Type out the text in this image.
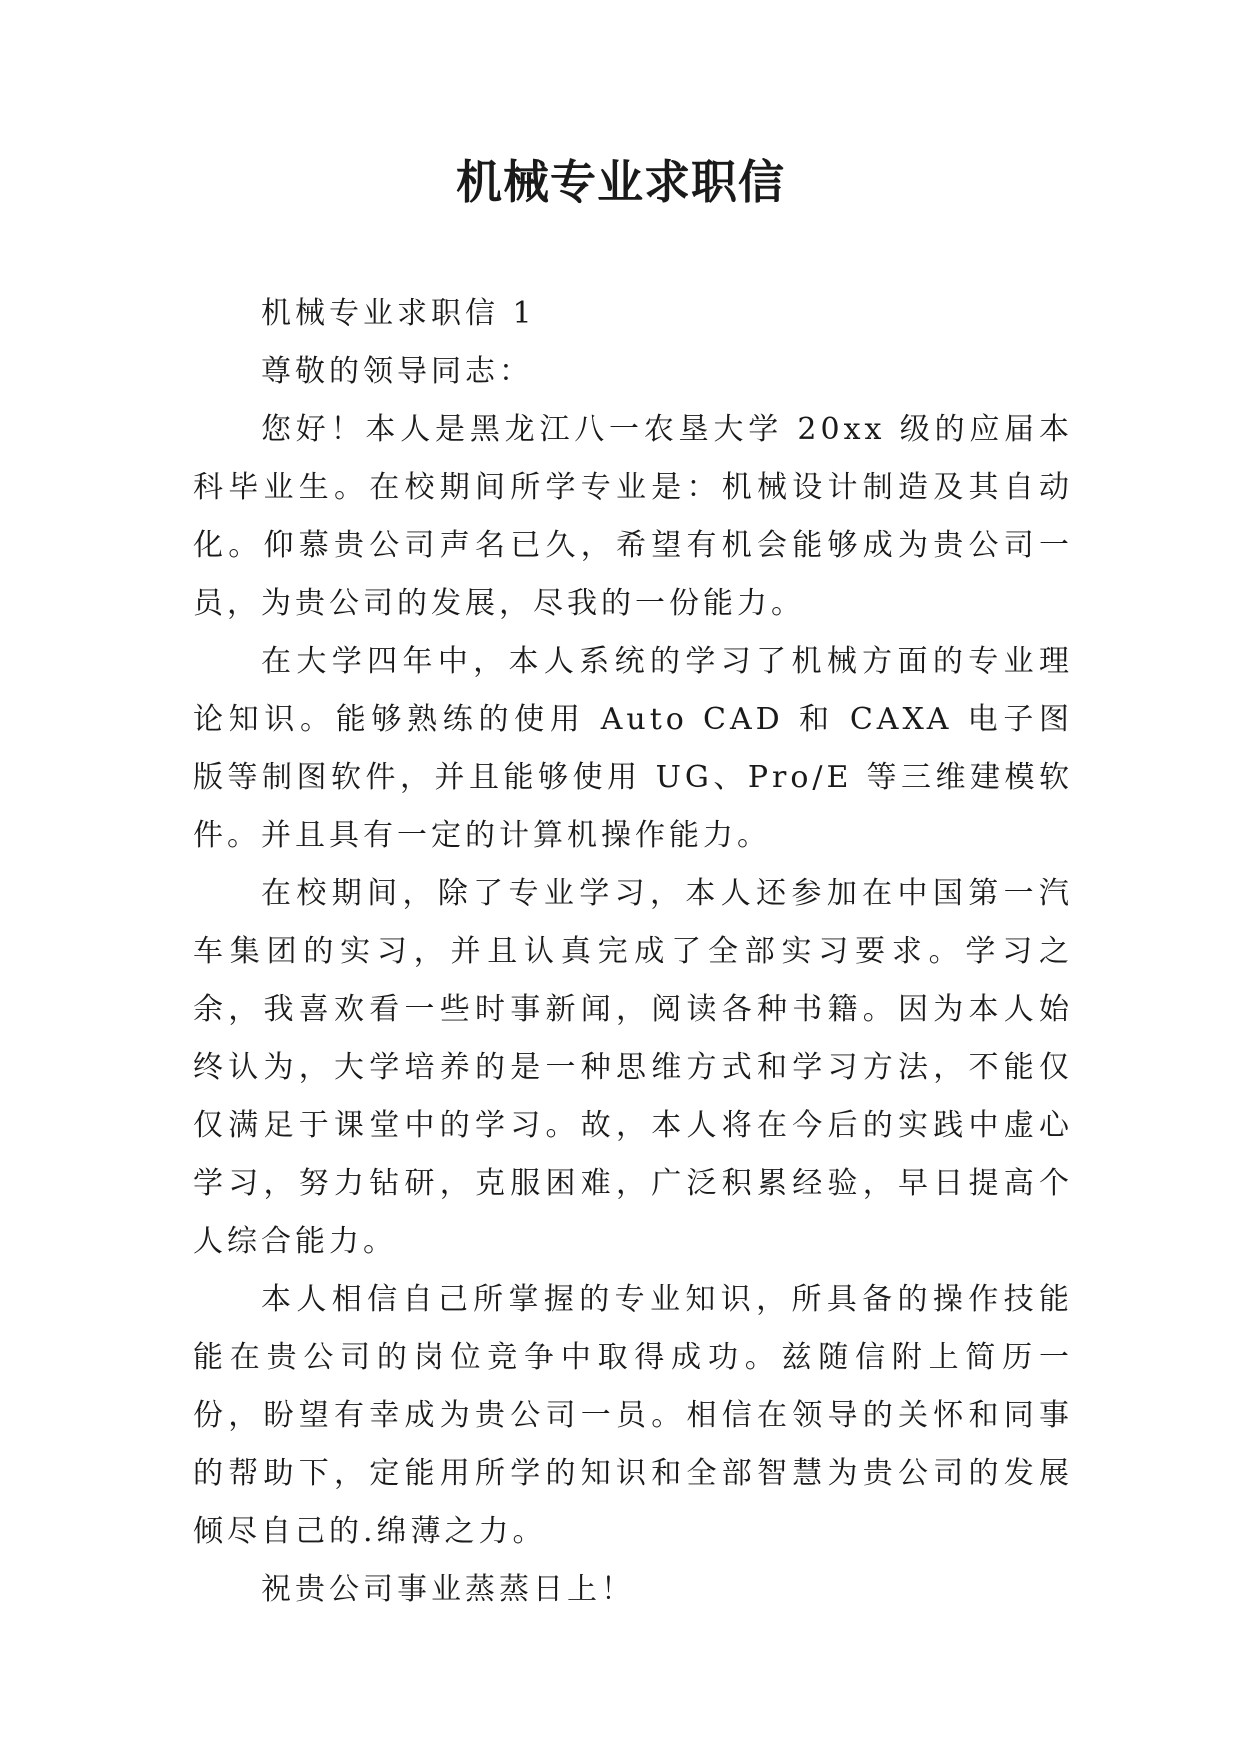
机械专业求职信

机械专业求职信 1

尊敬的领导同志：

您好！本人是黑龙江八一农垦大学 20xx 级的应届本科毕业生。在校期间所学专业是：机械设计制造及其自动化。仰慕贵公司声名已久，希望有机会能够成为贵公司一员，为贵公司的发展，尽我的一份能力。

在大学四年中，本人系统的学习了机械方面的专业理论知识。能够熟练的使用 Auto CAD 和 CAXA 电子图版等制图软件，并且能够使用 UG、Pro/E 等三维建模软件。并且具有一定的计算机操作能力。

在校期间，除了专业学习，本人还参加在中国第一汽车集团的实习，并且认真完成了全部实习要求。学习之余，我喜欢看一些时事新闻，阅读各种书籍。因为本人始终认为，大学培养的是一种思维方式和学习方法，不能仅仅满足于课堂中的学习。故，本人将在今后的实践中虚心学习，努力钻研，克服困难，广泛积累经验，早日提高个人综合能力。

本人相信自己所掌握的专业知识，所具备的操作技能能在贵公司的岗位竞争中取得成功。兹随信附上简历一份，盼望有幸成为贵公司一员。相信在领导的关怀和同事的帮助下，定能用所学的知识和全部智慧为贵公司的发展倾尽自己的.绵薄之力。

祝贵公司事业蒸蒸日上！
